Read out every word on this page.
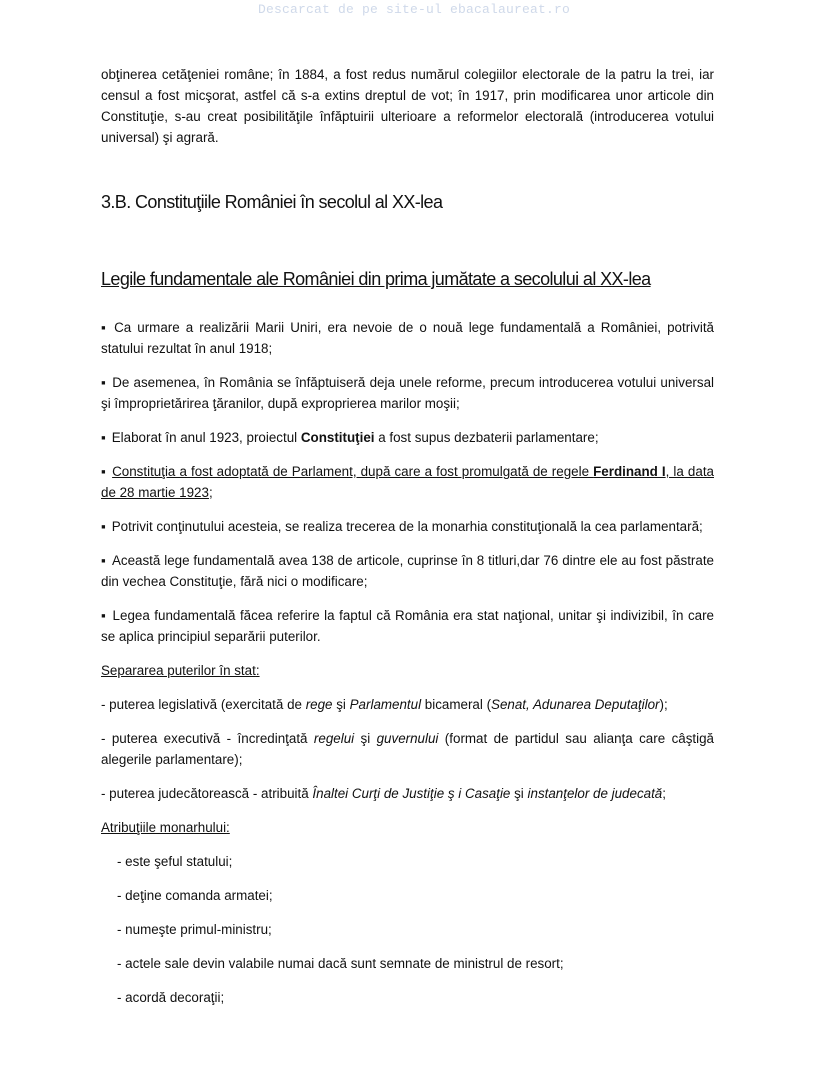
Descarcat de pe site-ul ebacalaureat.ro

obţinerea cetăţeniei române; în 1884, a fost redus numărul colegiilor electorale de la patru la trei, iar censul a fost micşorat, astfel că s-a extins dreptul de vot; în 1917, prin modificarea unor articole din Constituţie, s-au creat posibilităţile înfăptuirii ulterioare a reformelor electorală (introducerea votului universal) şi agrară.

3.B. Constituţiile României în secolul al XX-lea
Legile fundamentale ale României din prima jumătate a secolului al XX-lea

▪ Ca urmare a realizării Marii Uniri, era nevoie de o nouă lege fundamentală a României, potrivită statului rezultat în anul 1918;

▪ De asemenea, în România se înfăptuiseră deja unele reforme, precum introducerea votului universal şi împroprietărirea ţăranilor, după exproprierea marilor moşii;

▪ Elaborat în anul 1923, proiectul Constituţiei a fost supus dezbaterii parlamentare;

▪ Constituţia a fost adoptată de Parlament, după care a fost promulgată de regele Ferdinand I, la data de 28 martie 1923;

▪ Potrivit conţinutului acesteia, se realiza trecerea de la monarhia constituţională la cea parlamentară;

▪ Această lege fundamentală avea 138 de articole, cuprinse în 8 titluri,dar 76 dintre ele au fost păstrate din vechea Constituţie, fără nici o modificare;

▪ Legea fundamentală făcea referire la faptul că România era stat naţional, unitar şi indivizibil, în care se aplica principiul separării puterilor.

Separarea puterilor în stat:

- puterea legislativă (exercitată de rege şi Parlamentul bicameral (Senat, Adunarea Deputaţilor);

- puterea executivă - încredinţată regelui şi guvernului (format de partidul sau alianţa care câştigă alegerile parlamentare);

- puterea judecătorească - atribuită Înaltei Curţi de Justiţie ş i Casaţie şi instanţelor de judecată;

Atribuţiile monarhului:

- este şeful statului;

- deţine comanda armatei;

- numeşte primul-ministru;

- actele sale devin valabile numai dacă sunt semnate de ministrul de resort;

- acordă decoraţii;
